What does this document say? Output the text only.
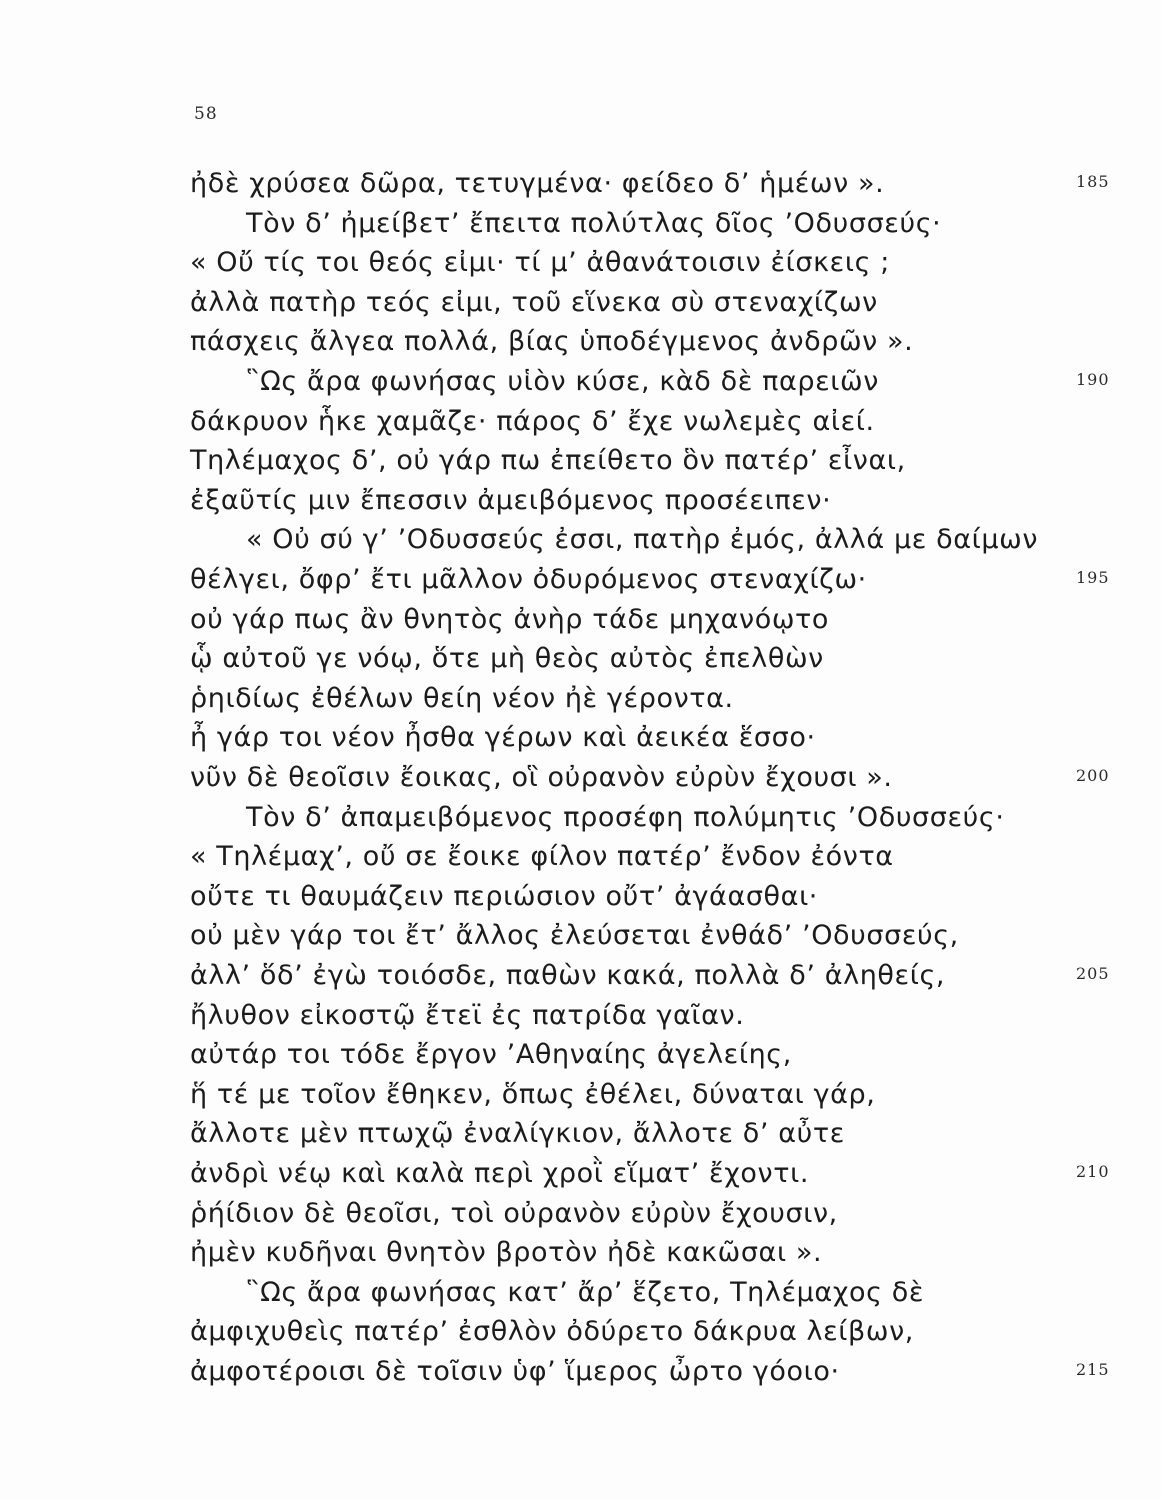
58
ἠδὲ χρύσεα δῶρα, τετυγμένα· φείδεο δ’ ἡμέων ».	185
Τὸν δ’ ἠμείβετ’ ἔπειτα πολύτλας δῖος ’Οδυσσεύς·
« Οὔ τίς τοι θεός εἰμι· τί μ’ ἀθανάτοισιν ἐίσκεις ;
ἀλλὰ πατὴρ τεός εἰμι, τοῦ εἵνεκα σὺ στεναχίζων
πάσχεις ἄλγεα πολλά, βίας ὑποδέγμενος ἀνδρῶν ».
῝Ως ἄρα φωνήσας υἱὸν κύσε, κὰδ δὲ παρειῶν	190
δάκρυον ἧκε χαμᾶζε· πάρος δ’ ἔχε νωλεμὲς αἰεί.
Τηλέμαχος δ’, οὐ γάρ πω ἐπείθετο ὃν πατέρ’ εἶναι,
ἐξαῦτίς μιν ἔπεσσιν ἀμειβόμενος προσέειπεν·
« Οὐ σύ γ’ ’Οδυσσεύς ἐσσι, πατὴρ ἐμός, ἀλλά με δαίμων
θέλγει, ὄφρ’ ἔτι μᾶλλον ὀδυρόμενος στεναχίζω·	195
οὐ γάρ πως ἂν θνητὸς ἀνὴρ τάδε μηχανόῳτο
ᾧ αὐτοῦ γε νόῳ, ὅτε μὴ θεὸς αὐτὸς ἐπελθὼν
ῥηιδίως ἐθέλων θείη νέον ἠὲ γέροντα.
ἦ γάρ τοι νέον ἦσθα γέρων καὶ ἀεικέα ἕσσο·
νῦν δὲ θεοῖσιν ἔοικας, οἳ οὐρανὸν εὐρὺν ἔχουσι ».	200
Τὸν δ’ ἀπαμειβόμενος προσέφη πολύμητις ’Οδυσσεύς·
« Τηλέμαχ’, οὔ σε ἔοικε φίλον πατέρ’ ἔνδον ἐόντα
οὔτε τι θαυμάζειν περιώσιον οὔτ’ ἀγάασθαι·
οὐ μὲν γάρ τοι ἔτ’ ἄλλος ἐλεύσεται ἐνθάδ’ ’Οδυσσεύς,
ἀλλ’ ὅδ’ ἐγὼ τοιόσδε, παθὼν κακά, πολλὰ δ’ ἀληθείς,	205
ἤλυθον εἰκοστῷ ἔτεϊ ἐς πατρίδα γαῖαν.
αὐτάρ τοι τόδε ἔργον ’Αθηναίης ἀγελείης,
ἥ τέ με τοῖον ἔθηκεν, ὅπως ἐθέλει, δύναται γάρ,
ἄλλοτε μὲν πτωχῷ ἐναλίγκιον, ἄλλοτε δ’ αὖτε
ἀνδρὶ νέῳ καὶ καλὰ περὶ χροῒ εἵματ’ ἔχοντι.	210
ῥήίδιον δὲ θεοῖσι, τοὶ οὐρανὸν εὐρὺν ἔχουσιν,
ἠμὲν κυδῆναι θνητὸν βροτὸν ἠδὲ κακῶσαι ».
῝Ως ἄρα φωνήσας κατ’ ἄρ’ ἕζετο, Τηλέμαχος δὲ
ἀμφιχυθεὶς πατέρ’ ἐσθλὸν ὀδύρετο δάκρυα λείβων,
ἀμφοτέροισι δὲ τοῖσιν ὑφ’ ἵμερος ὦρτο γόοιο·	215
